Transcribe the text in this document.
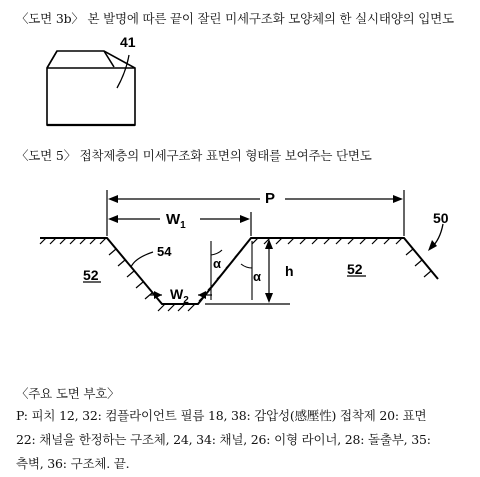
〈도면 3b〉 본 발명에 따른 끝이 잘린 미세구조화 모양체의 한 실시태양의 입면도
41
P
$W_1$
$W_2$
54
50
52	52
h
α
α
〈도면 5〉 접착제층의 미세구조화 표면의 형태를 보여주는 단면도
〈주요 도면 부호〉
P: 피치 12, 32: 컴플라이언트 필름 18, 38: 감압성(感壓性) 접착제 20: 표면
22: 채널을 한정하는 구조체, 24, 34: 채널, 26: 이형 라이너, 28: 돌출부, 35:
측벽, 36: 구조체. 끝.
